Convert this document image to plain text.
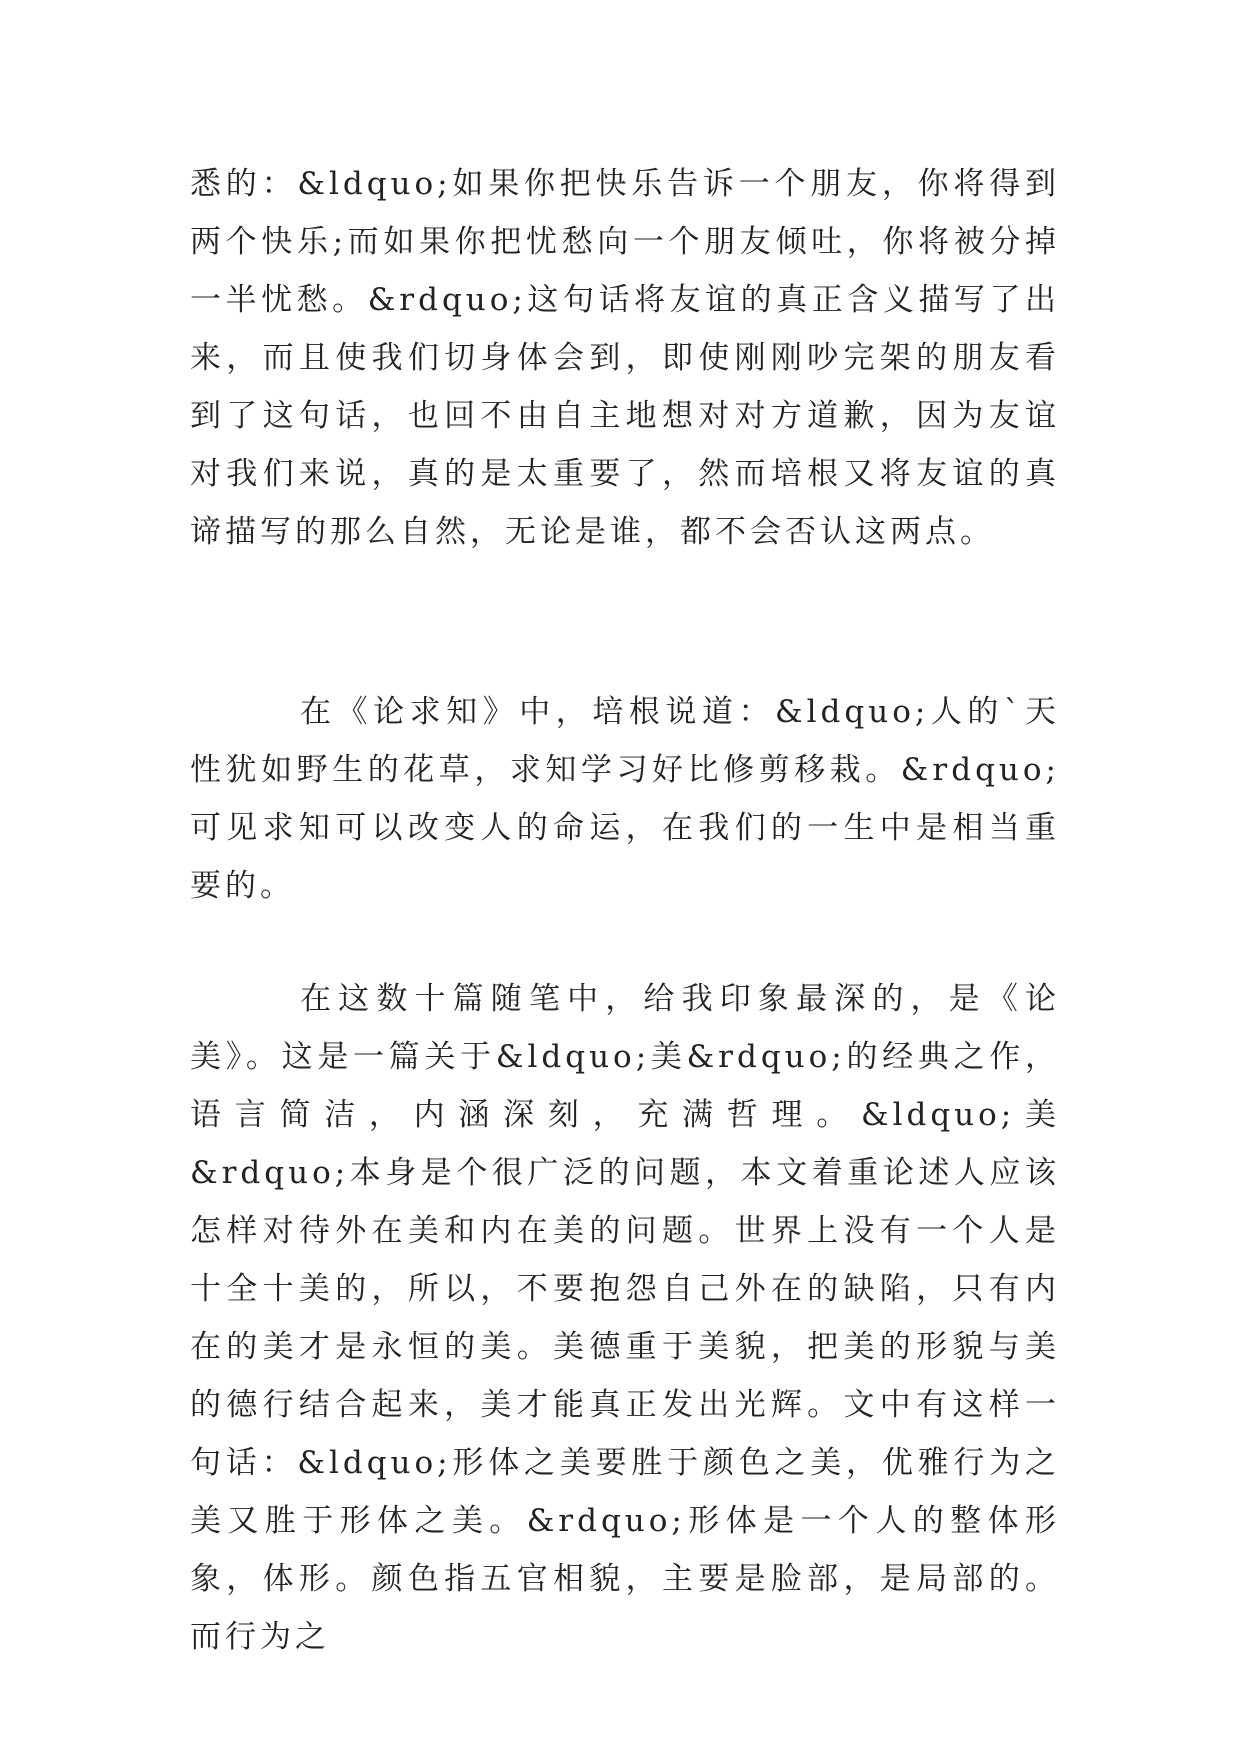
悉的：&ldquo;如果你把快乐告诉一个朋友，你将得到两个快乐;而如果你把忧愁向一个朋友倾吐，你将被分掉一半忧愁。&rdquo;这句话将友谊的真正含义描写了出来，而且使我们切身体会到，即使刚刚吵完架的朋友看到了这句话，也回不由自主地想对对方道歉，因为友谊对我们来说，真的是太重要了，然而培根又将友谊的真谛描写的那么自然，无论是谁，都不会否认这两点。

在《论求知》中，培根说道：&ldquo;人的`天性犹如野生的花草，求知学习好比修剪移栽。&rdquo;可见求知可以改变人的命运，在我们的一生中是相当重要的。

在这数十篇随笔中，给我印象最深的，是《论美》。这是一篇关于&ldquo;美&rdquo;的经典之作，语言简洁，内涵深刻，充满哲理。&ldquo;美&rdquo;本身是个很广泛的问题，本文着重论述人应该怎样对待外在美和内在美的问题。世界上没有一个人是十全十美的，所以，不要抱怨自己外在的缺陷，只有内在的美才是永恒的美。美德重于美貌，把美的形貌与美的德行结合起来，美才能真正发出光辉。文中有这样一句话：&ldquo;形体之美要胜于颜色之美，优雅行为之美又胜于形体之美。&rdquo;形体是一个人的整体形象，体形。颜色指五官相貌，主要是脸部，是局部的。而行为之
